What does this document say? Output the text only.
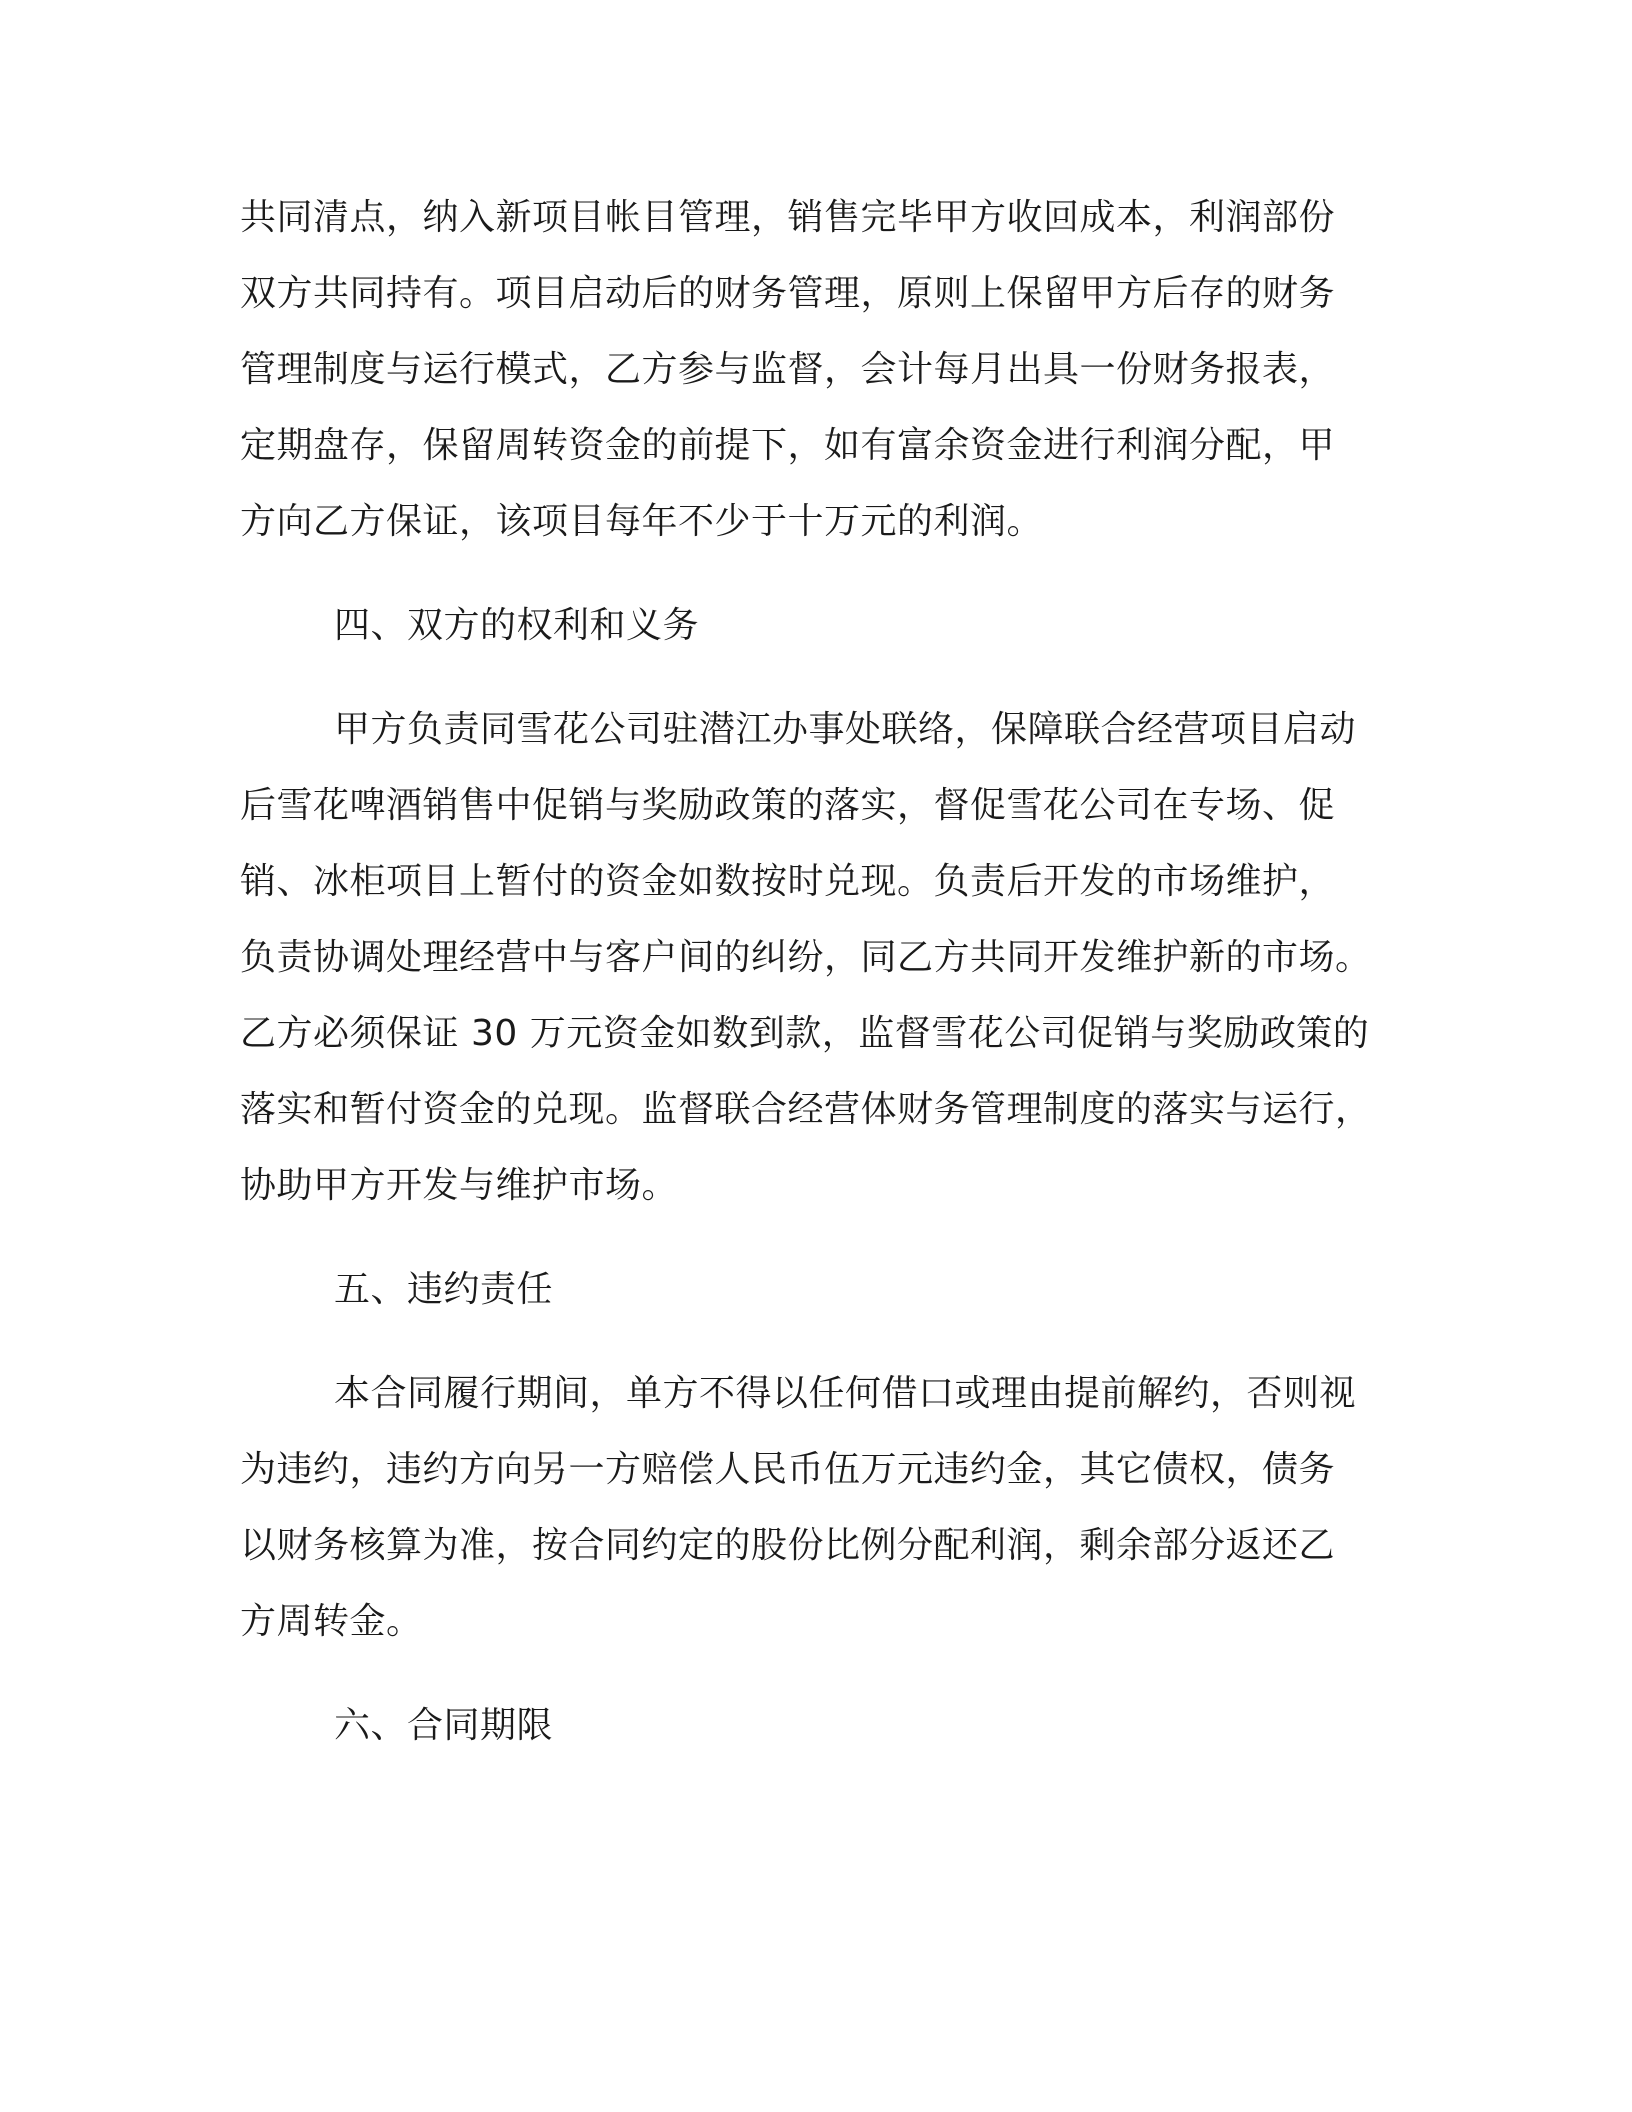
共同清点，纳入新项目帐目管理，销售完毕甲方收回成本，利润部份
双方共同持有。项目启动后的财务管理，原则上保留甲方后存的财务
管理制度与运行模式，乙方参与监督，会计每月出具一份财务报表，
定期盘存，保留周转资金的前提下，如有富余资金进行利润分配，甲
方向乙方保证，该项目每年不少于十万元的利润。
四、双方的权利和义务
甲方负责同雪花公司驻潜江办事处联络，保障联合经营项目启动
后雪花啤酒销售中促销与奖励政策的落实，督促雪花公司在专场、促
销、冰柜项目上暂付的资金如数按时兑现。负责后开发的市场维护，
负责协调处理经营中与客户间的纠纷，同乙方共同开发维护新的市场。
乙方必须保证 30 万元资金如数到款，监督雪花公司促销与奖励政策的
落实和暂付资金的兑现。监督联合经营体财务管理制度的落实与运行，
协助甲方开发与维护市场。
五、违约责任
本合同履行期间，单方不得以任何借口或理由提前解约，否则视
为违约，违约方向另一方赔偿人民币伍万元违约金，其它债权，债务
以财务核算为准，按合同约定的股份比例分配利润，剩余部分返还乙
方周转金。
六、合同期限
